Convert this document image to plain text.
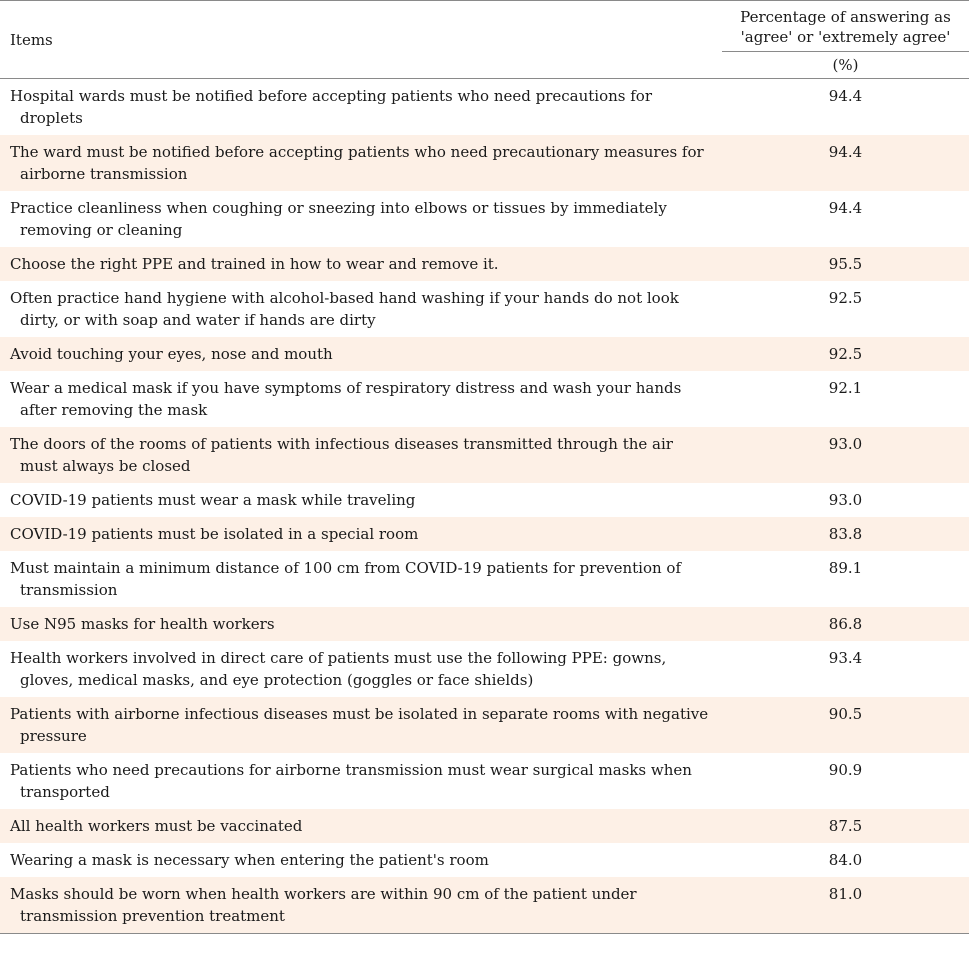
Items	Percentage of answering as
'agree' or 'extremely agree'
	(%)

Hospital wards must be notified before accepting patients who need precautions for droplets	94.4

The ward must be notified before accepting patients who need precautionary measures for airborne transmission	94.4

Practice cleanliness when coughing or sneezing into elbows or tissues by immediately removing or cleaning	94.4

Choose the right PPE and trained in how to wear and remove it.	95.5

Often practice hand hygiene with alcohol-based hand washing if your hands do not look dirty, or with soap and water if hands are dirty	92.5

Avoid touching your eyes, nose and mouth	92.5

Wear a medical mask if you have symptoms of respiratory distress and wash your hands after removing the mask	92.1

The doors of the rooms of patients with infectious diseases transmitted through the air must always be closed	93.0

COVID-19 patients must wear a mask while traveling	93.0

COVID-19 patients must be isolated in a special room	83.8

Must maintain a minimum distance of 100 cm from COVID-19 patients for prevention of transmission	89.1

Use N95 masks for health workers	86.8

Health workers involved in direct care of patients must use the following PPE: gowns, gloves, medical masks, and eye protection (goggles or face shields)	93.4

Patients with airborne infectious diseases must be isolated in separate rooms with negative pressure	90.5

Patients who need precautions for airborne transmission must wear surgical masks when transported	90.9

All health workers must be vaccinated	87.5

Wearing a mask is necessary when entering the patient's room	84.0

Masks should be worn when health workers are within 90 cm of the patient under transmission prevention treatment	81.0
